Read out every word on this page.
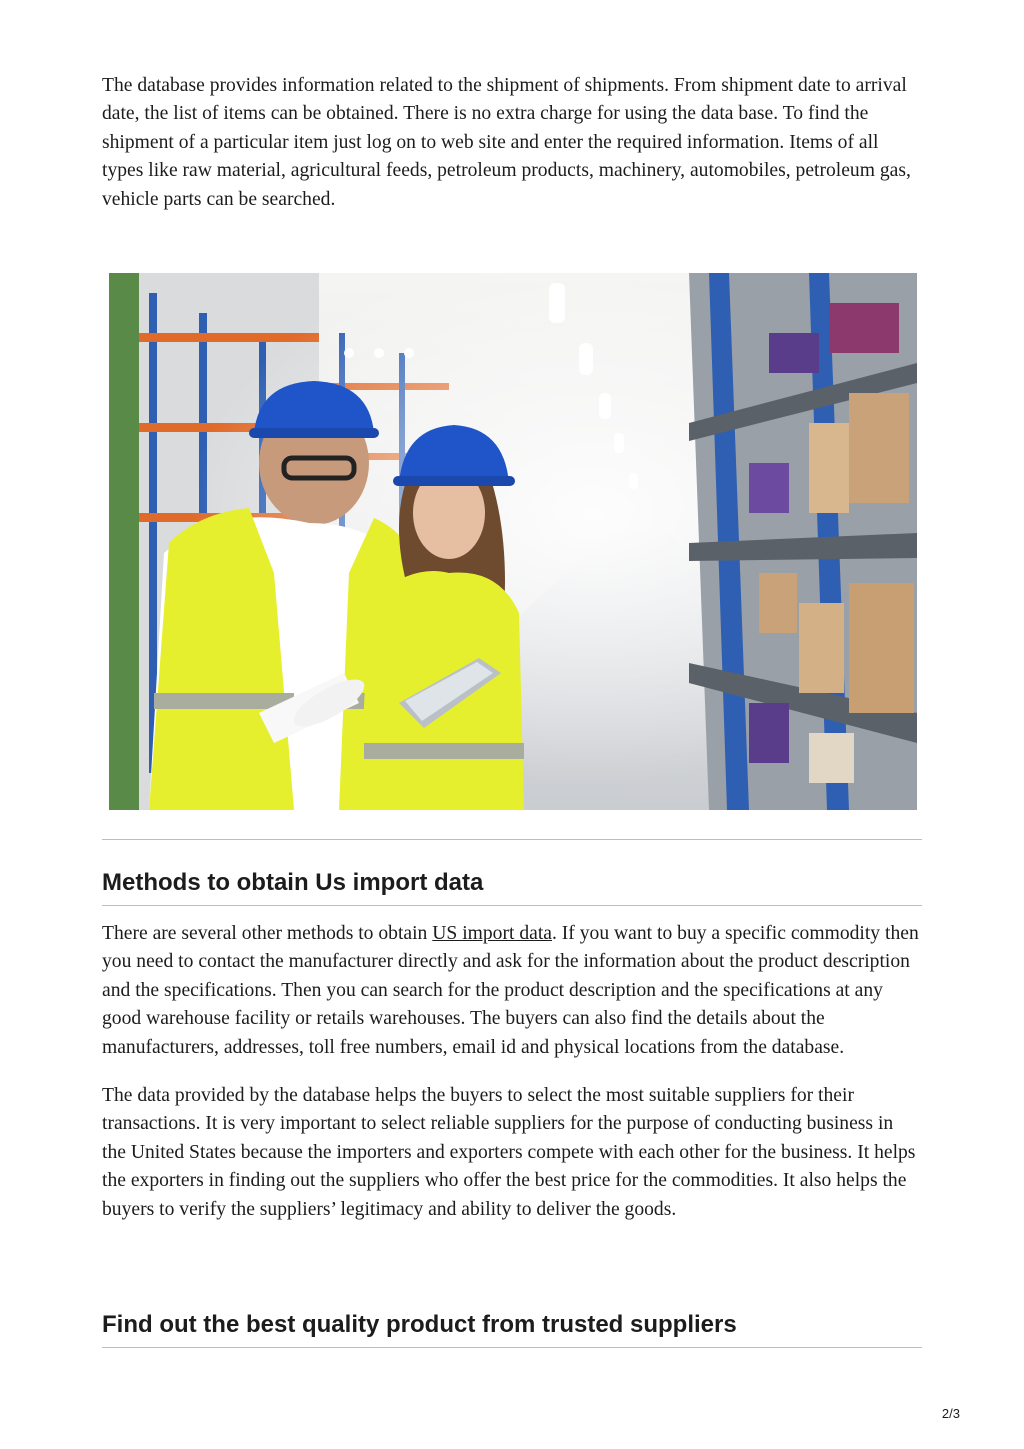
The database provides information related to the shipment of shipments. From shipment date to arrival date, the list of items can be obtained. There is no extra charge for using the data base. To find the shipment of a particular item just log on to web site and enter the required information. Items of all types like raw material, agricultural feeds, petroleum products, machinery, automobiles, petroleum gas, vehicle parts can be searched.

Methods to obtain Us import data

There are several other methods to obtain US import data. If you want to buy a specific commodity then you need to contact the manufacturer directly and ask for the information about the product description and the specifications. Then you can search for the product description and the specifications at any good warehouse facility or retails warehouses. The buyers can also find the details about the manufacturers, addresses, toll free numbers, email id and physical locations from the database.

The data provided by the database helps the buyers to select the most suitable suppliers for their transactions. It is very important to select reliable suppliers for the purpose of conducting business in the United States because the importers and exporters compete with each other for the business. It helps the exporters in finding out the suppliers who offer the best price for the commodities. It also helps the buyers to verify the suppliers’ legitimacy and ability to deliver the goods.

Find out the best quality product from trusted suppliers
2/3
